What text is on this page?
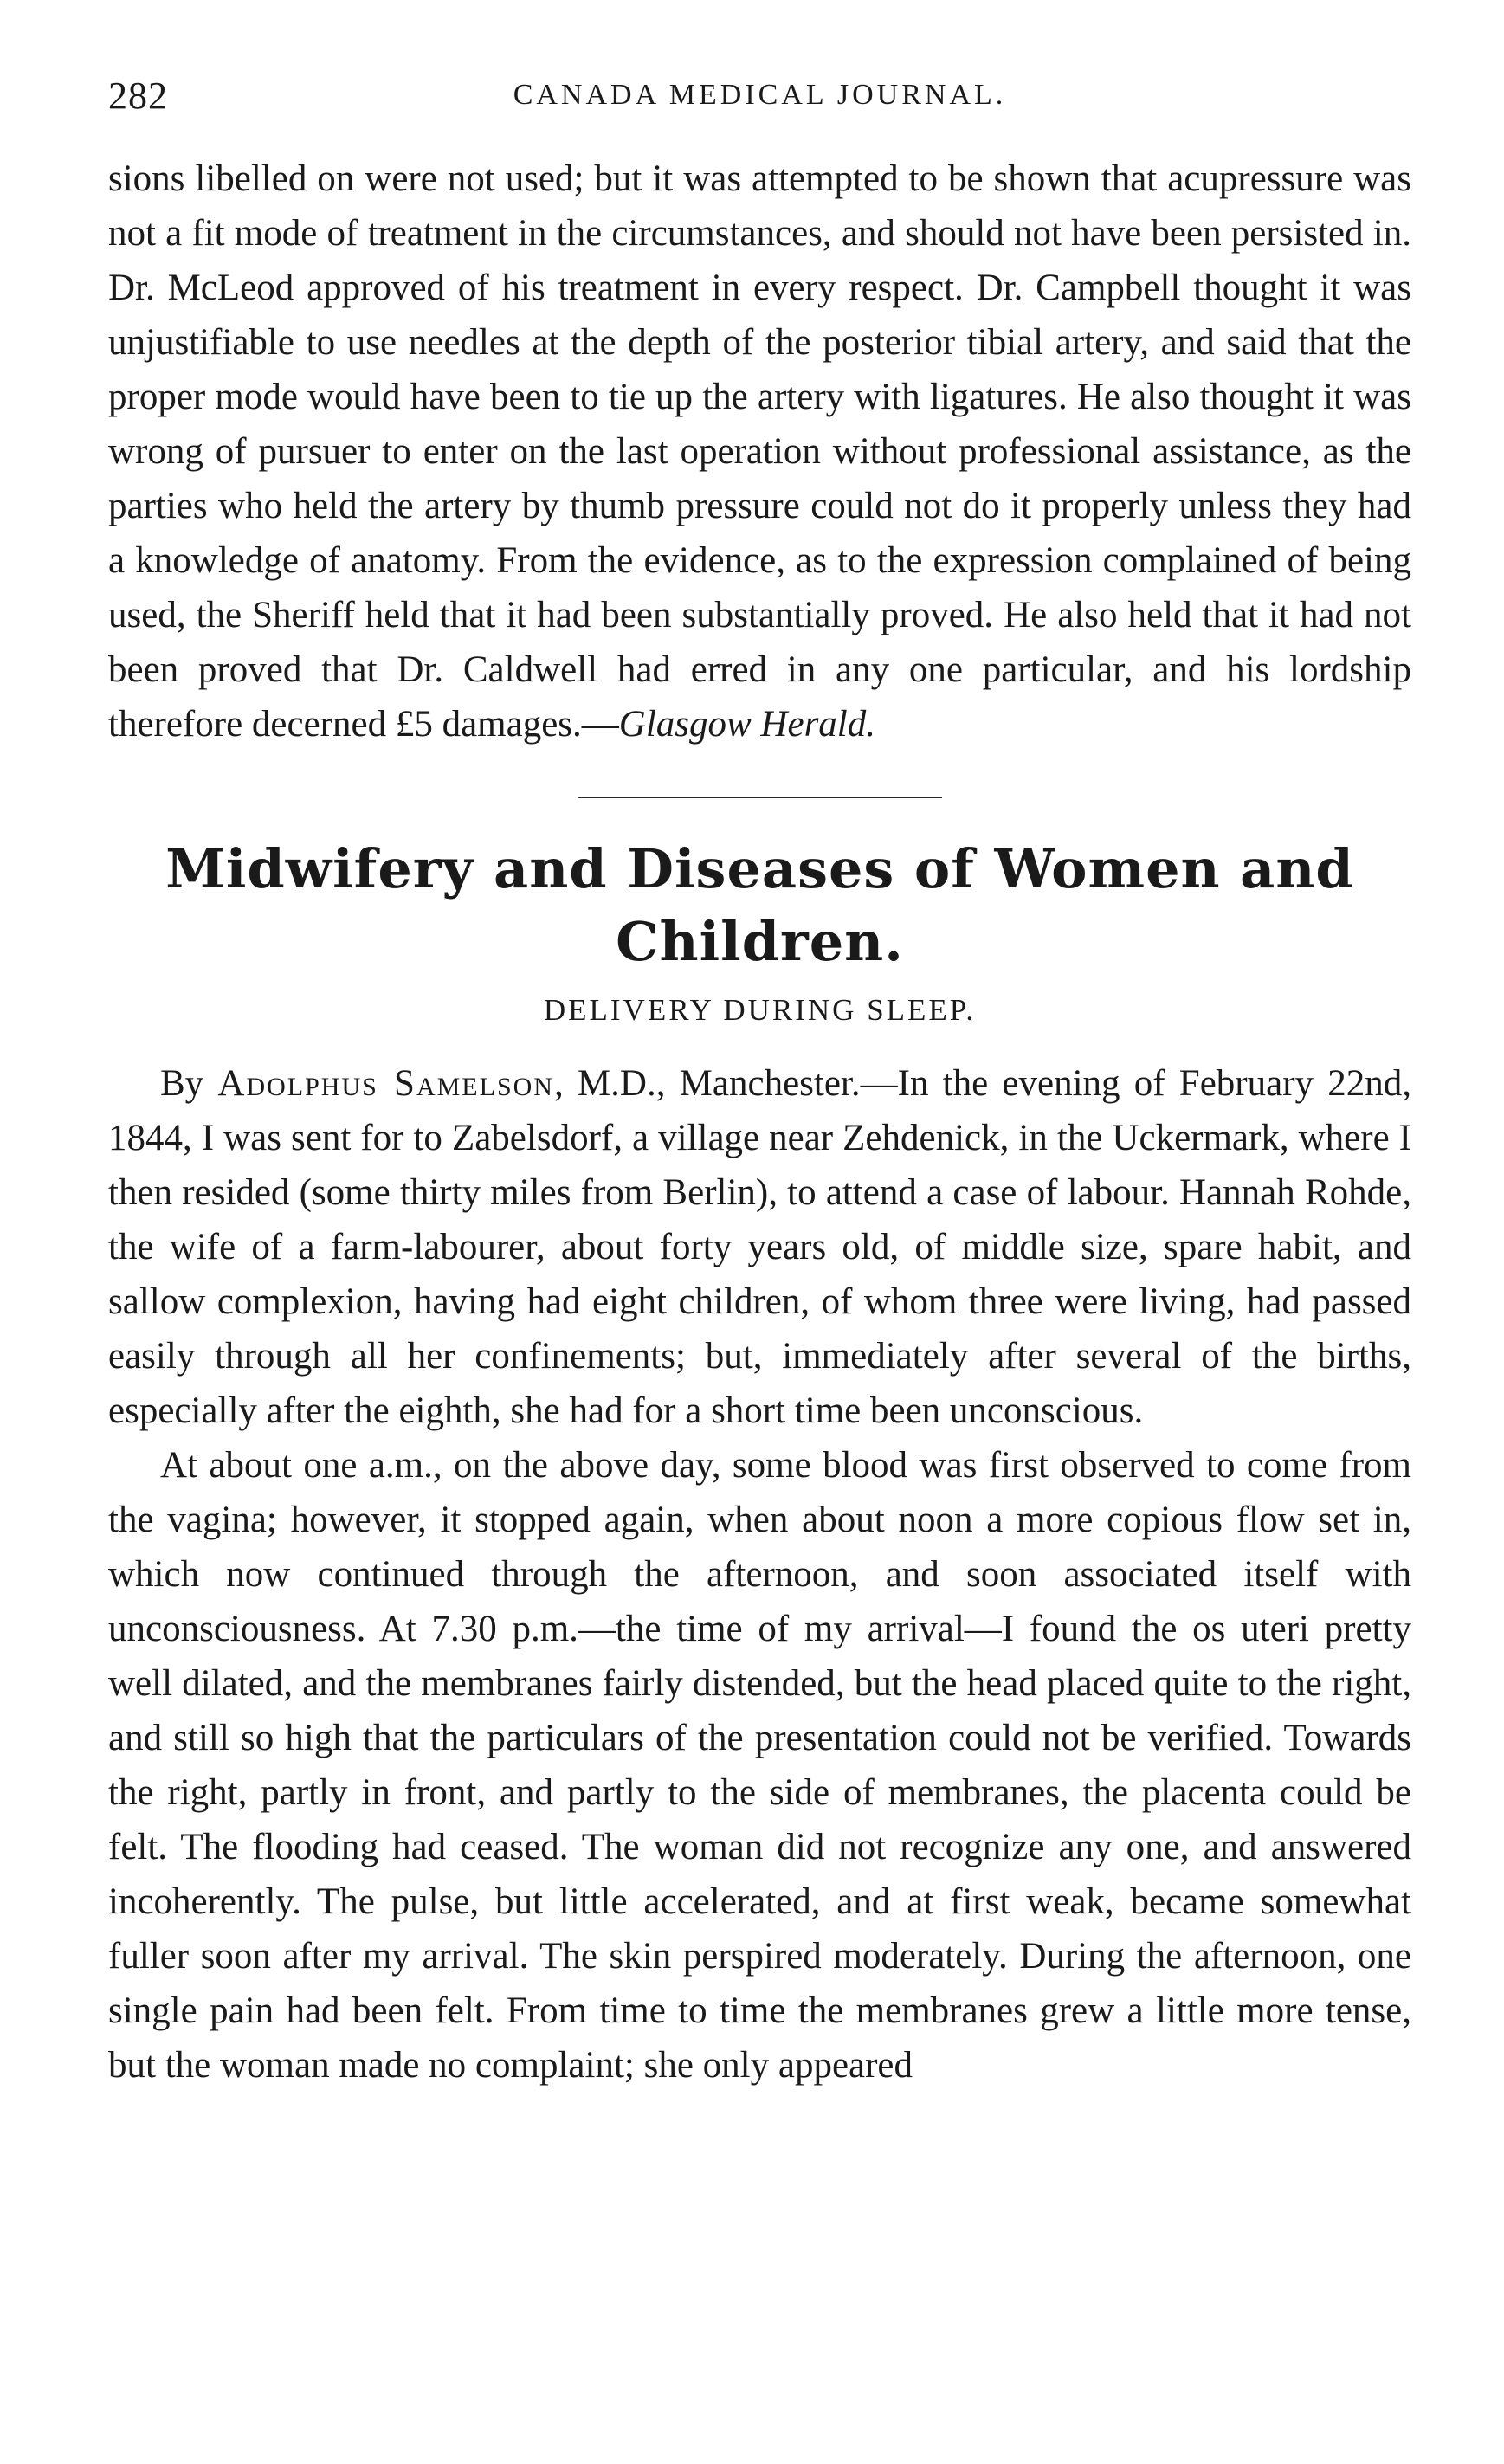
282	CANADA MEDICAL JOURNAL.

sions libelled on were not used; but it was attempted to be shown that acupressure was not a fit mode of treatment in the circumstances, and should not have been persisted in. Dr. McLeod approved of his treatment in every respect. Dr. Campbell thought it was unjustifiable to use needles at the depth of the posterior tibial artery, and said that the proper mode would have been to tie up the artery with ligatures. He also thought it was wrong of pursuer to enter on the last operation without professional assistance, as the parties who held the artery by thumb pressure could not do it properly unless they had a knowledge of anatomy. From the evidence, as to the expression complained of being used, the Sheriff held that it had been substantially proved. He also held that it had not been proved that Dr. Caldwell had erred in any one particular, and his lordship therefore decerned £5 damages.—Glasgow Herald.

Midwifery and Diseases of Women and Children.
DELIVERY DURING SLEEP.

By Adolphus Samelson, M.D., Manchester.—In the evening of February 22nd, 1844, I was sent for to Zabelsdorf, a village near Zehdenick, in the Uckermark, where I then resided (some thirty miles from Berlin), to attend a case of labour. Hannah Rohde, the wife of a farm-labourer, about forty years old, of middle size, spare habit, and sallow complexion, having had eight children, of whom three were living, had passed easily through all her confinements; but, immediately after several of the births, especially after the eighth, she had for a short time been unconscious.

At about one a.m., on the above day, some blood was first observed to come from the vagina; however, it stopped again, when about noon a more copious flow set in, which now continued through the afternoon, and soon associated itself with unconsciousness. At 7.30 p.m.—the time of my arrival—I found the os uteri pretty well dilated, and the membranes fairly distended, but the head placed quite to the right, and still so high that the particulars of the presentation could not be verified. Towards the right, partly in front, and partly to the side of membranes, the placenta could be felt. The flooding had ceased. The woman did not recognize any one, and answered incoherently. The pulse, but little accelerated, and at first weak, became somewhat fuller soon after my arrival. The skin perspired moderately. During the afternoon, one single pain had been felt. From time to time the membranes grew a little more tense, but the woman made no complaint; she only appeared
